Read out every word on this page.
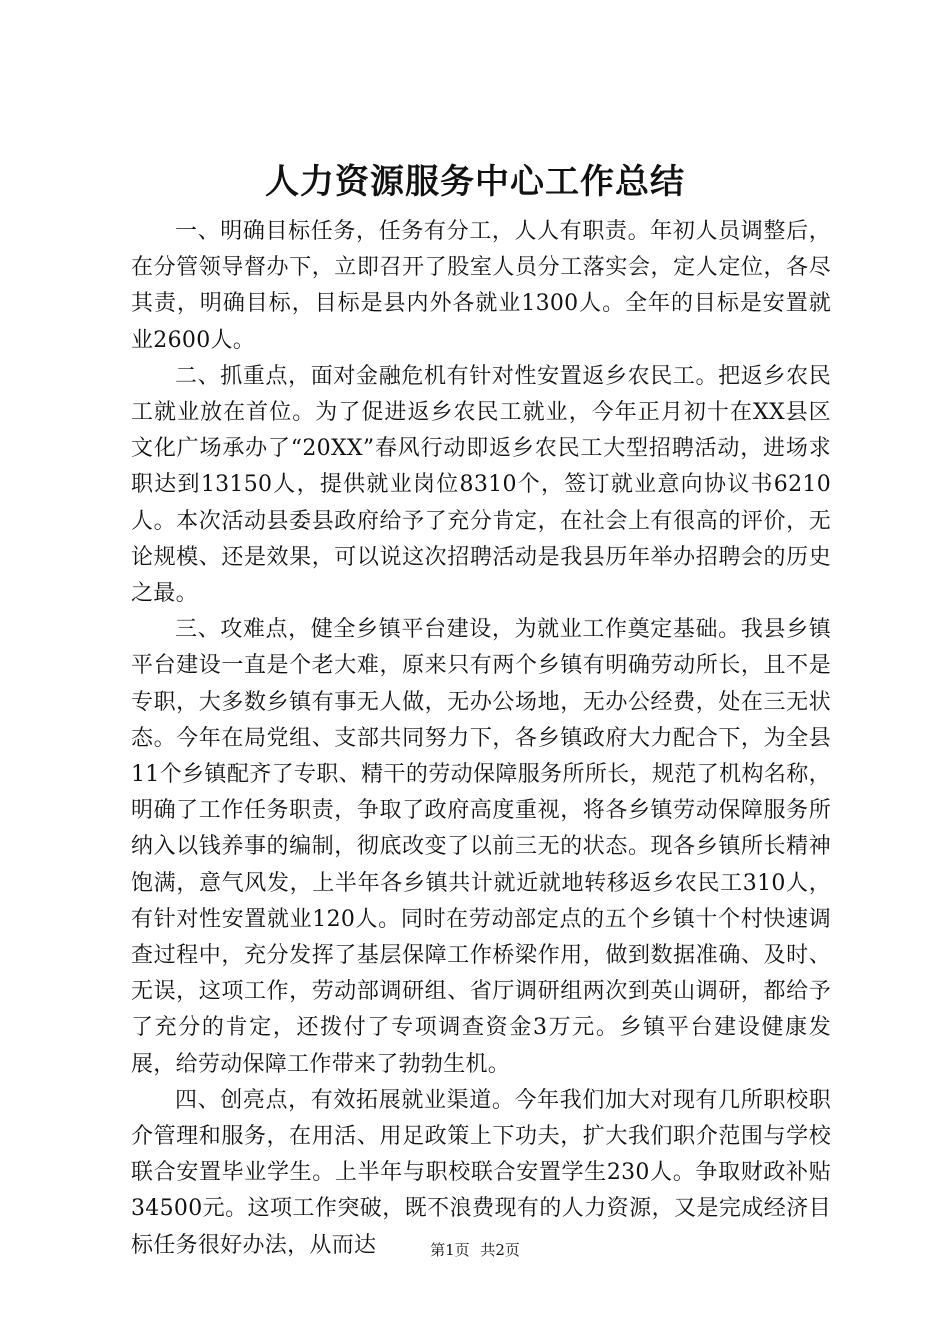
人力资源服务中心工作总结

一、明确目标任务，任务有分工，人人有职责。年初人员调整后，在分管领导督办下，立即召开了股室人员分工落实会，定人定位，各尽其责，明确目标，目标是县内外各就业1300人。全年的目标是安置就业2600人。

二、抓重点，面对金融危机有针对性安置返乡农民工。把返乡农民工就业放在首位。为了促进返乡农民工就业，今年正月初十在XX县区文化广场承办了“20XX”春风行动即返乡农民工大型招聘活动，进场求职达到13150人，提供就业岗位8310个，签订就业意向协议书6210人。本次活动县委县政府给予了充分肯定，在社会上有很高的评价，无论规模、还是效果，可以说这次招聘活动是我县历年举办招聘会的历史之最。

三、攻难点，健全乡镇平台建设，为就业工作奠定基础。我县乡镇平台建设一直是个老大难，原来只有两个乡镇有明确劳动所长，且不是专职，大多数乡镇有事无人做，无办公场地，无办公经费，处在三无状态。今年在局党组、支部共同努力下，各乡镇政府大力配合下，为全县11个乡镇配齐了专职、精干的劳动保障服务所所长，规范了机构名称，明确了工作任务职责，争取了政府高度重视，将各乡镇劳动保障服务所纳入以钱养事的编制，彻底改变了以前三无的状态。现各乡镇所长精神饱满，意气风发，上半年各乡镇共计就近就地转移返乡农民工310人，有针对性安置就业120人。同时在劳动部定点的五个乡镇十个村快速调查过程中，充分发挥了基层保障工作桥梁作用，做到数据准确、及时、无误，这项工作，劳动部调研组、省厅调研组两次到英山调研，都给予了充分的肯定，还拨付了专项调查资金3万元。乡镇平台建设健康发展，给劳动保障工作带来了勃勃生机。

四、创亮点，有效拓展就业渠道。今年我们加大对现有几所职校职介管理和服务，在用活、用足政策上下功夫，扩大我们职介范围与学校联合安置毕业学生。上半年与职校联合安置学生230人。争取财政补贴34500元。这项工作突破，既不浪费现有的人力资源，又是完成经济目标任务很好办法，从而达	第1页 共2页
